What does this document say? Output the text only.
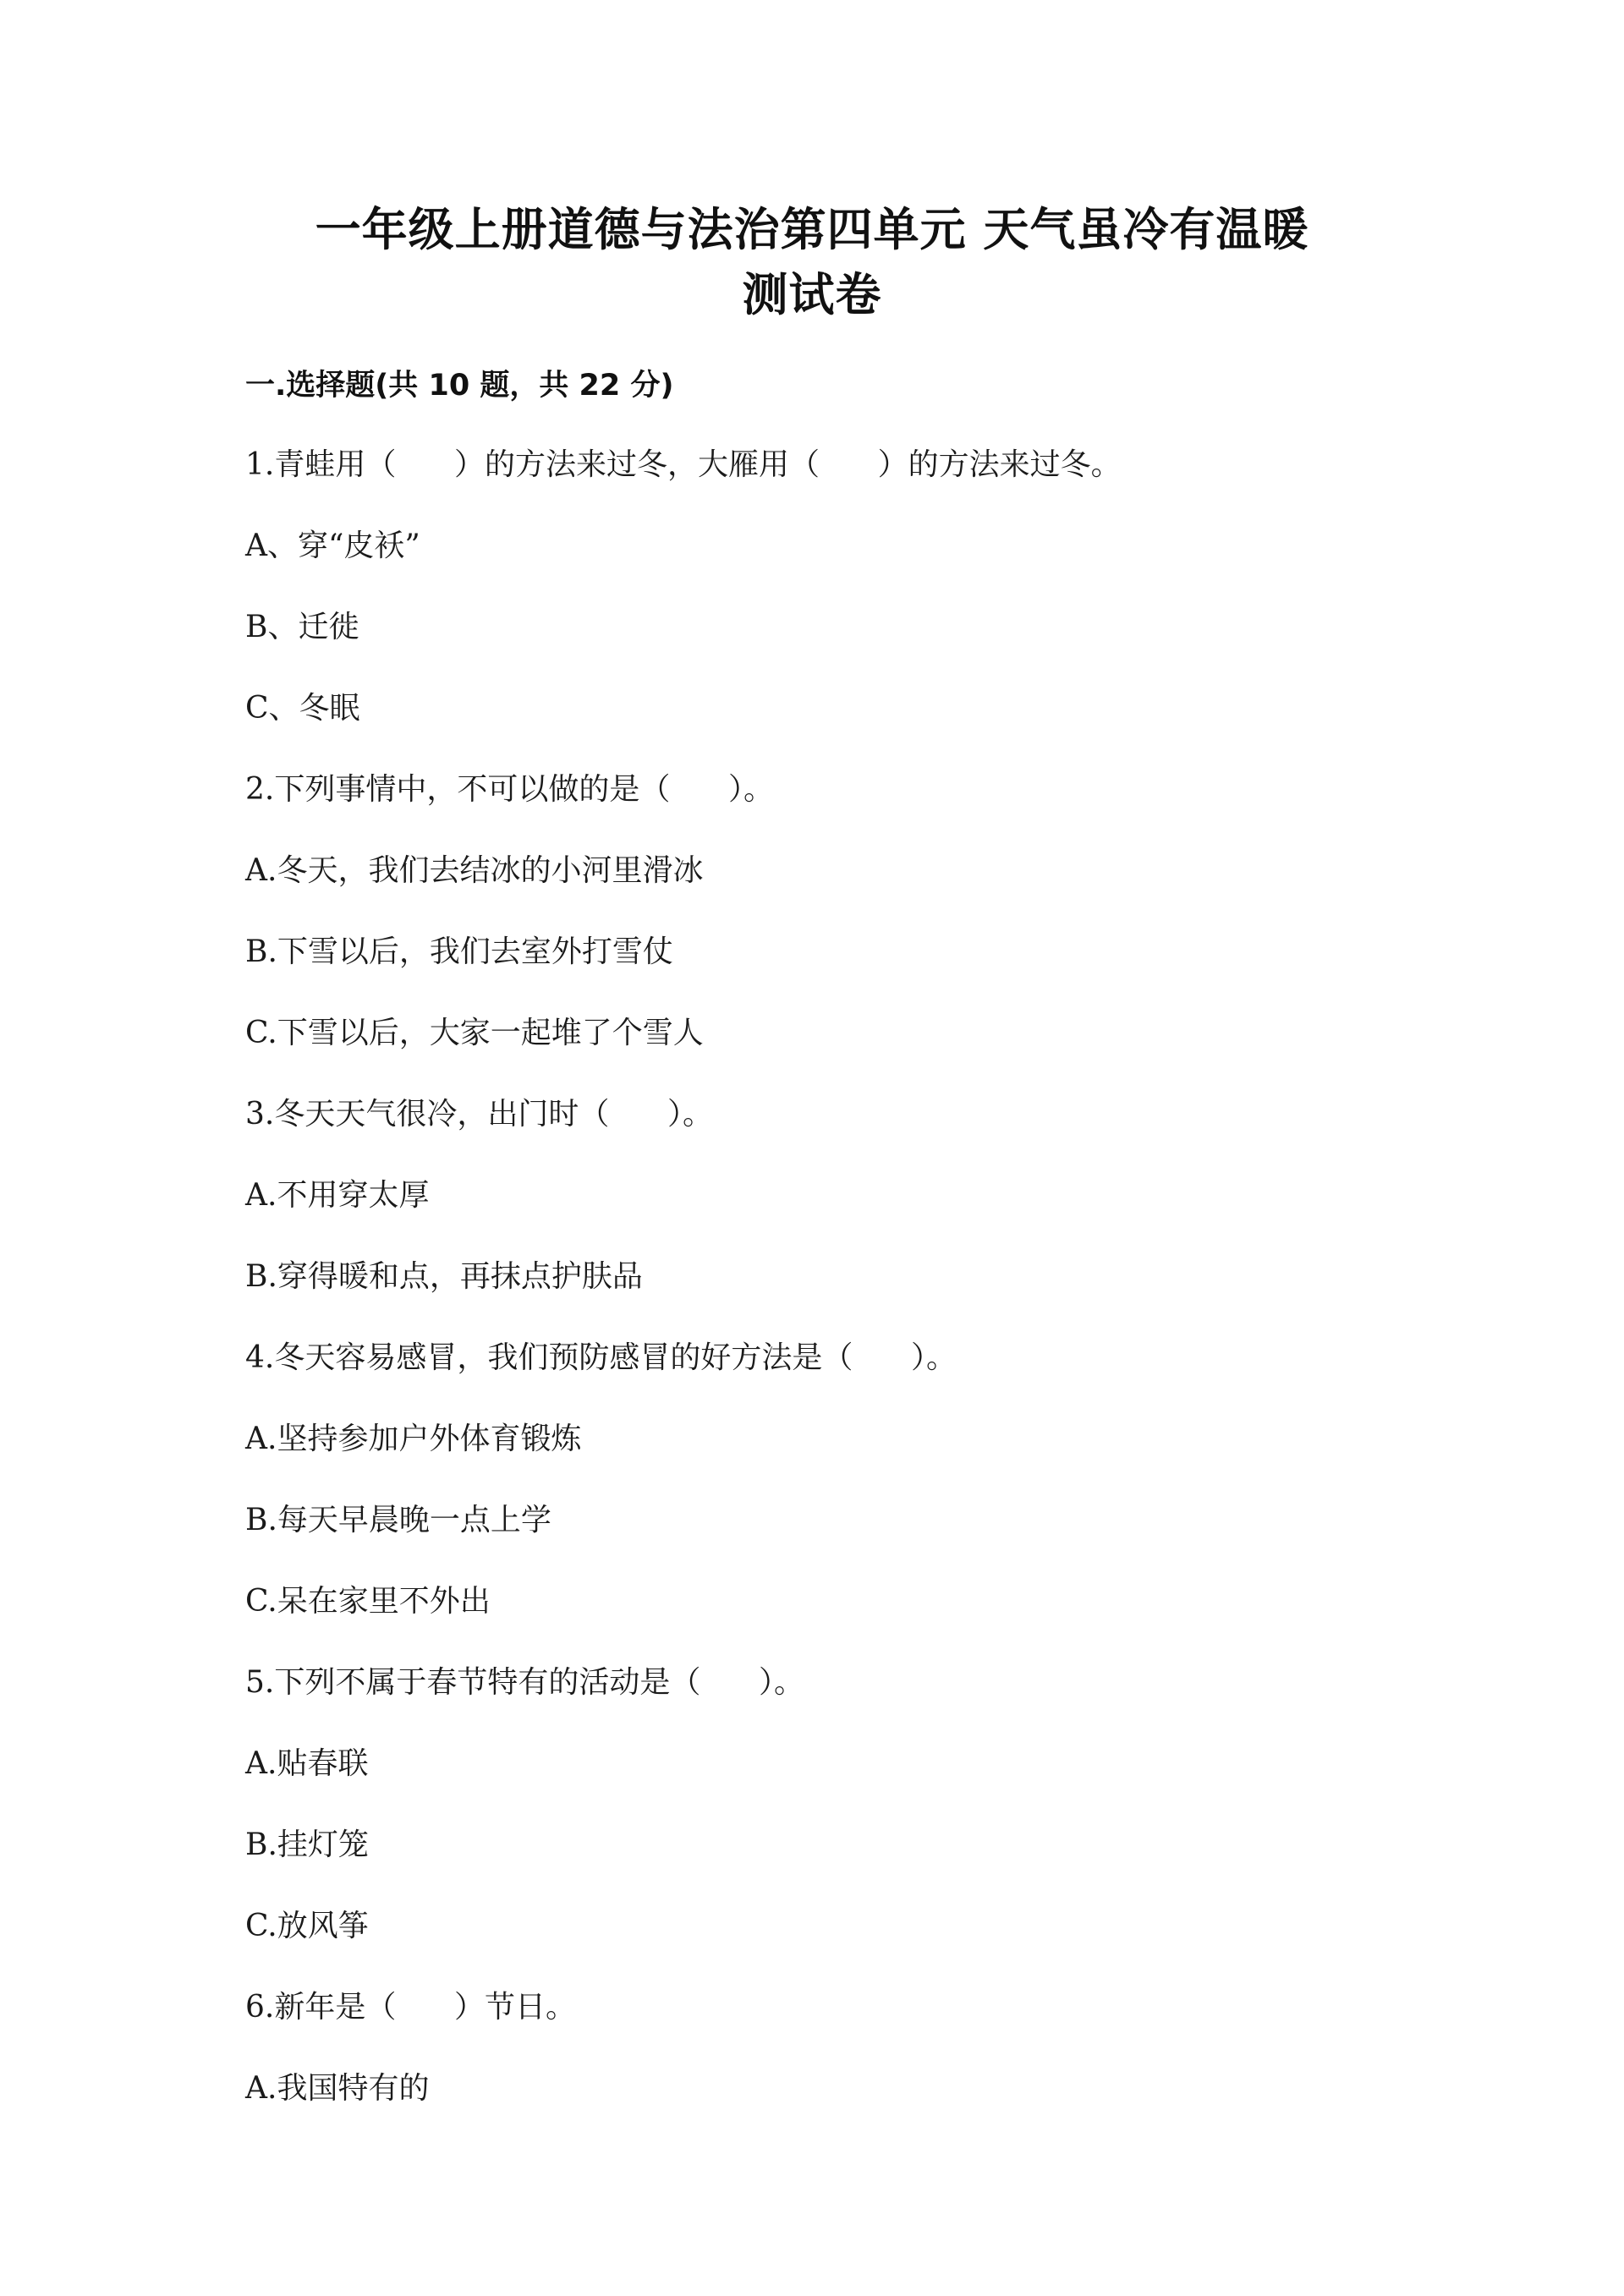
一年级上册道德与法治第四单元 天气虽冷有温暖
测试卷
一.选择题(共 10 题，共 22 分)
1.青蛙用（      ）的方法来过冬，大雁用（      ）的方法来过冬。
A、穿“皮袄”
B、迁徙
C、冬眠
2.下列事情中，不可以做的是（      ）。
A.冬天，我们去结冰的小河里滑冰
B.下雪以后，我们去室外打雪仗
C.下雪以后，大家一起堆了个雪人
3.冬天天气很冷，出门时（      ）。
A.不用穿太厚
B.穿得暖和点，再抹点护肤品
4.冬天容易感冒，我们预防感冒的好方法是（      ）。
A.坚持参加户外体育锻炼
B.每天早晨晚一点上学
C.呆在家里不外出
5.下列不属于春节特有的活动是（      ）。
A.贴春联
B.挂灯笼
C.放风筝
6.新年是（      ）节日。
A.我国特有的
